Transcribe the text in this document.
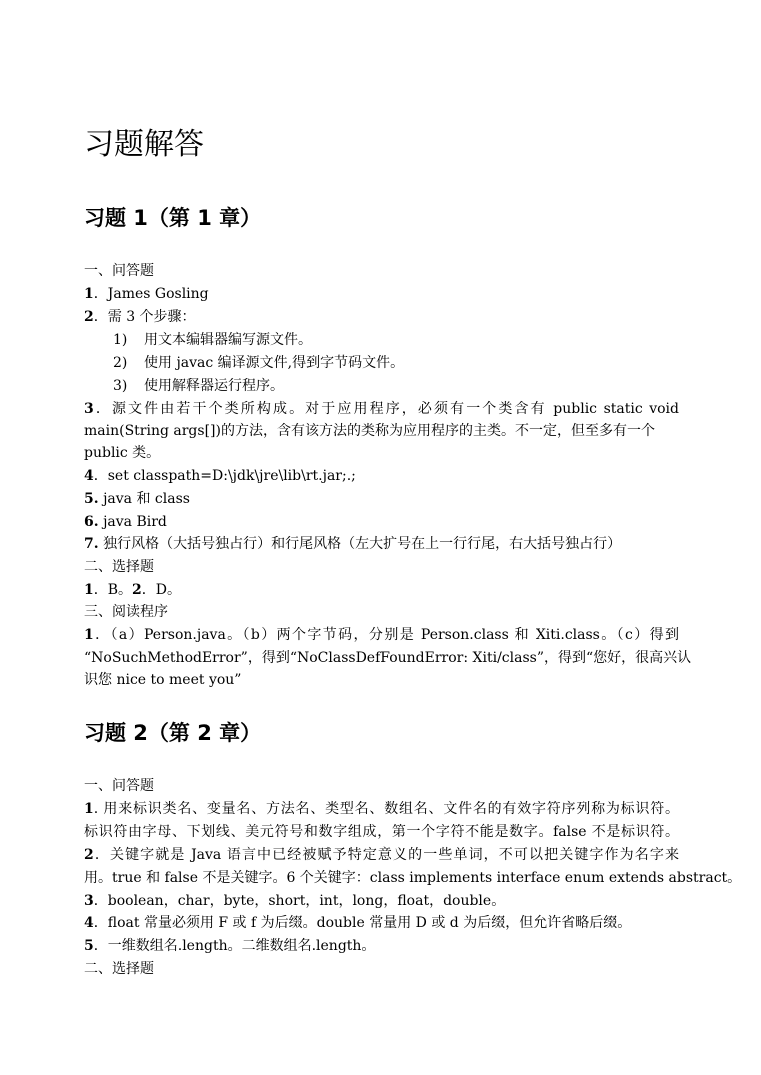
习题解答
习题 1（第 1 章）

一、问答题

1．James Gosling

2．需 3 个步骤：

1) 用文本编辑器编写源文件。

2) 使用 javac 编译源文件,得到字节码文件。

3) 使用解释器运行程序。

3．源文件由若干个类所构成。对于应用程序，必须有一个类含有 public static void

main(String args[])的方法，含有该方法的类称为应用程序的主类。不一定，但至多有一个

public 类。

4．set classpath=D:\jdk\jre\lib\rt.jar;.;

5. java 和 class

6. java Bird

7. 独行风格（大括号独占行）和行尾风格（左大扩号在上一行行尾，右大括号独占行）

二、选择题

1．B。2．D。

三、阅读程序

1．（a）Person.java。（b）两个字节码，分别是 Person.class 和 Xiti.class。（c）得到

“NoSuchMethodError”，得到“NoClassDefFoundError: Xiti/class”，得到“您好，很高兴认

识您 nice to meet you”

习题 2（第 2 章）

一、问答题

1. 用来标识类名、变量名、方法名、类型名、数组名、文件名的有效字符序列称为标识符。

标识符由字母、下划线、美元符号和数字组成，第一个字符不能是数字。false 不是标识符。

2．关键字就是 Java 语言中已经被赋予特定意义的一些单词，不可以把关键字作为名字来

用。true 和 false 不是关键字。6 个关键字：class implements interface enum extends abstract。

3．boolean，char，byte，short，int，long，float，double。

4．float 常量必须用 F 或 f 为后缀。double 常量用 D 或 d 为后缀，但允许省略后缀。

5．一维数组名.length。二维数组名.length。

二、选择题
